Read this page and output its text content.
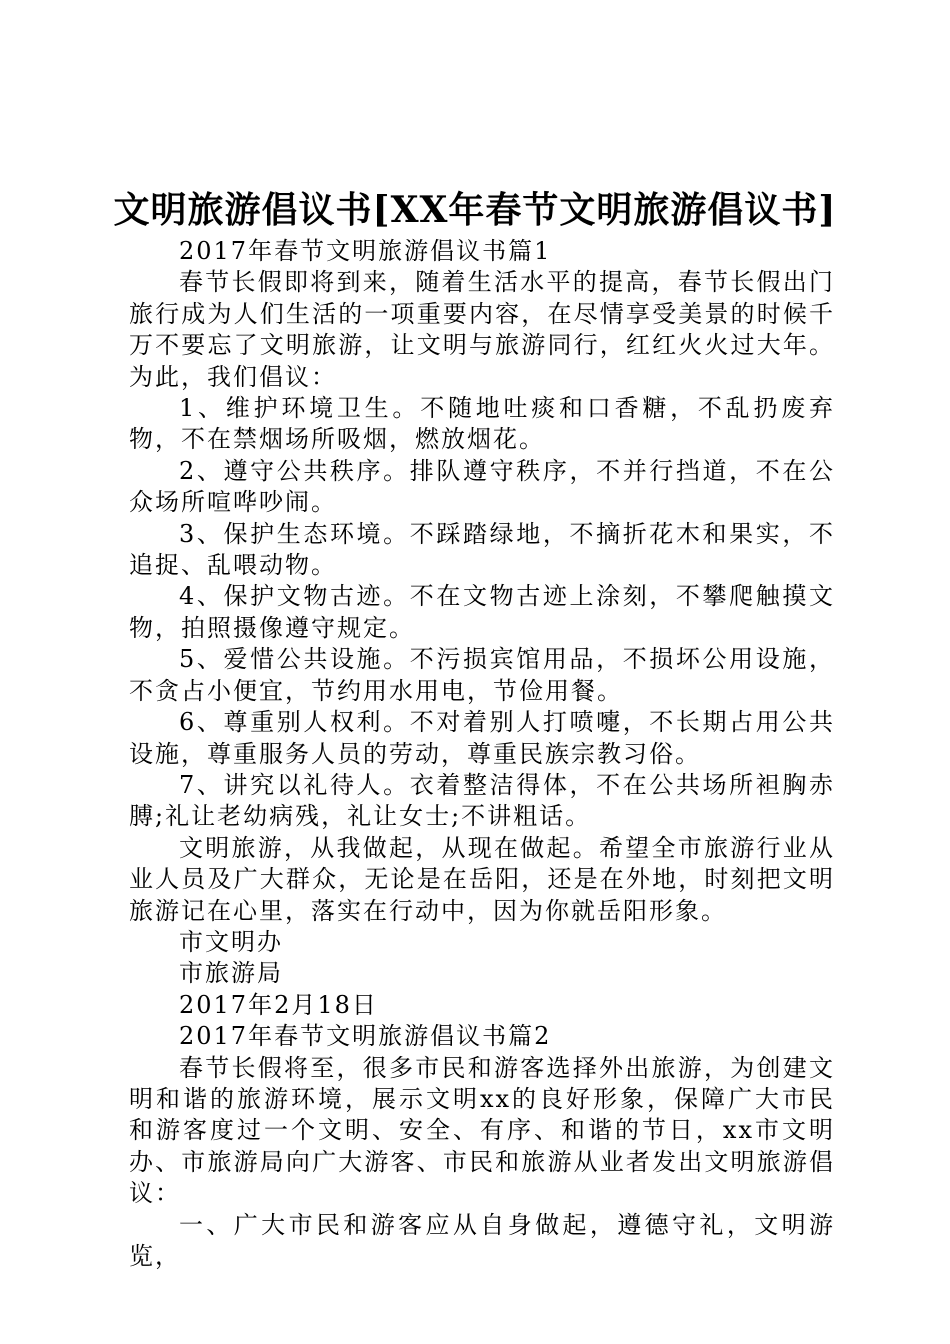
文明旅游倡议书[XX年春节文明旅游倡议书]

2017年春节文明旅游倡议书篇1

春节长假即将到来，随着生活水平的提高，春节长假出门旅行成为人们生活的一项重要内容，在尽情享受美景的时候千万不要忘了文明旅游，让文明与旅游同行，红红火火过大年。为此，我们倡议：

1、维护环境卫生。不随地吐痰和口香糖，不乱扔废弃物，不在禁烟场所吸烟，燃放烟花。

2、遵守公共秩序。排队遵守秩序，不并行挡道，不在公众场所喧哗吵闹。

3、保护生态环境。不踩踏绿地，不摘折花木和果实，不追捉、乱喂动物。

4、保护文物古迹。不在文物古迹上涂刻，不攀爬触摸文物，拍照摄像遵守规定。

5、爱惜公共设施。不污损宾馆用品，不损坏公用设施，不贪占小便宜，节约用水用电，节俭用餐。

6、尊重别人权利。不对着别人打喷嚏，不长期占用公共设施，尊重服务人员的劳动，尊重民族宗教习俗。

7、讲究以礼待人。衣着整洁得体，不在公共场所袒胸赤膊;礼让老幼病残，礼让女士;不讲粗话。

文明旅游，从我做起，从现在做起。希望全市旅游行业从业人员及广大群众，无论是在岳阳，还是在外地，时刻把文明旅游记在心里，落实在行动中，因为你就岳阳形象。

市文明办

市旅游局

2017年2月18日

2017年春节文明旅游倡议书篇2

春节长假将至，很多市民和游客选择外出旅游，为创建文明和谐的旅游环境，展示文明xx的良好形象，保障广大市民和游客度过一个文明、安全、有序、和谐的节日，xx市文明办、市旅游局向广大游客、市民和旅游从业者发出文明旅游倡议：

一、广大市民和游客应从自身做起，遵德守礼，文明游览，
